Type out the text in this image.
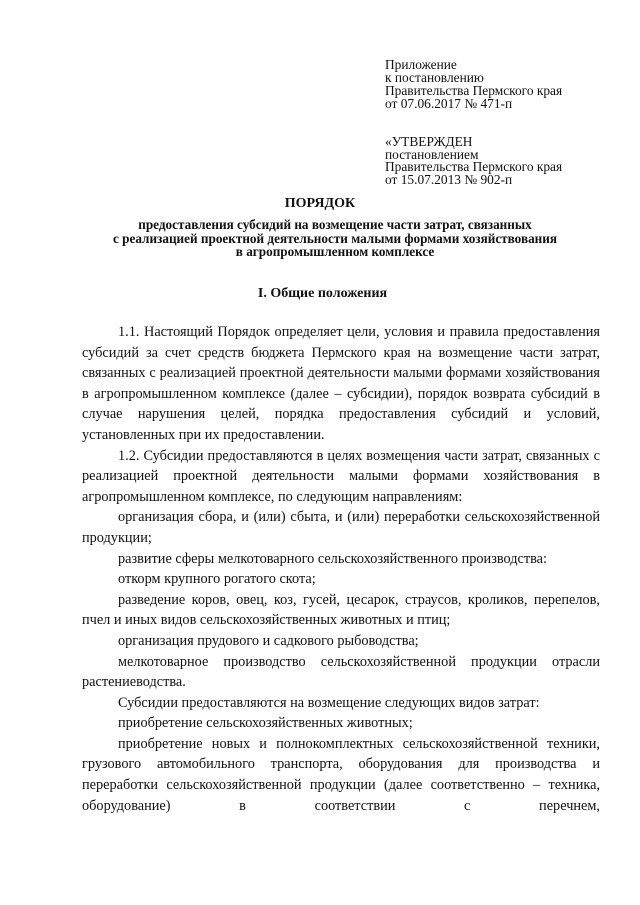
Приложение
к постановлению
Правительства Пермского края
от 07.06.2017 № 471-п
«УТВЕРЖДЕН
постановлением
Правительства Пермского края
от 15.07.2013 № 902-п
ПОРЯДОК
предоставления субсидий на возмещение части затрат, связанных
с реализацией проектной деятельности малыми формами хозяйствования
в агропромышленном комплексе
I. Общие положения

1.1. Настоящий Порядок определяет цели, условия и правила предоставления субсидий за счет средств бюджета Пермского края на возмещение части затрат, связанных с реализацией проектной деятельности малыми формами хозяйствования в агропромышленном комплексе (далее – субсидии), порядок возврата субсидий в случае нарушения целей, порядка предоставления субсидий и условий, установленных при их предоставлении.

1.2. Субсидии предоставляются в целях возмещения части затрат, связанных с реализацией проектной деятельности малыми формами хозяйствования в агропромышленном комплексе, по следующим направлениям:

организация сбора, и (или) сбыта, и (или) переработки сельскохозяйственной продукции;

развитие сферы мелкотоварного сельскохозяйственного производства:

откорм крупного рогатого скота;

разведение коров, овец, коз, гусей, цесарок, страусов, кроликов, перепелов, пчел и иных видов сельскохозяйственных животных и птиц;

организация прудового и садкового рыбоводства;

мелкотоварное производство сельскохозяйственной продукции отрасли растениеводства.

Субсидии предоставляются на возмещение следующих видов затрат:

приобретение сельскохозяйственных животных;

приобретение новых и полнокомплектных сельскохозяйственной техники, грузового автомобильного транспорта, оборудования для производства и переработки сельскохозяйственной продукции (далее соответственно – техника, оборудование) в соответствии с перечнем,
